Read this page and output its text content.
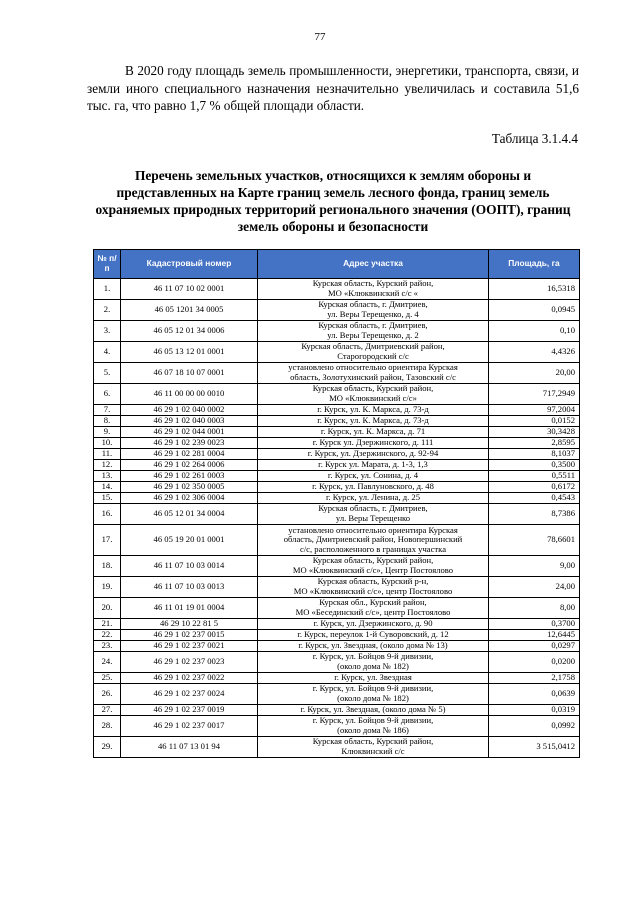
77

В 2020 году площадь земель промышленности, энергетики, транспорта, связи, и земли иного специального назначения незначительно увеличилась и составила 51,6 тыс. га, что равно 1,7 % общей площади области.

Таблица 3.1.4.4
Перечень земельных участков, относящихся к землям обороны и представленных на Карте границ земель лесного фонда, границ земель охраняемых природных территорий регионального значения (ООПТ), границ земель обороны и безопасности
№ п/п	Кадастровый номер	Адрес участка	Площадь, га
1.	46 11 07 10 02 0001	Курская область, Курский район,
МО «Клюквинский с/с «	16,5318
2.	46 05 1201 34 0005	Курская область, г. Дмитриев,
ул. Веры Терещенко, д. 4	0,0945
3.	46 05 12 01 34 0006	Курская область, г. Дмитриев,
ул. Веры Терещенко, д. 2	0,10
4.	46 05 13 12 01 0001	Курская область, Дмитриевский район,
Старогородский с/с	4,4326
5.	46 07 18 10 07 0001	установлено относительно ориентира Курская
область, Золотухинский район, Тазовский с/с	20,00
6.	46 11 00 00 00 0010	Курская область, Курский район,
МО «Клюквинский с/с»	717,2949
7.	46 29 1 02 040 0002	г. Курск, ул. К. Маркса, д. 73-д	97,2004
8.	46 29 1 02 040 0003	г. Курск, ул. К. Маркса, д. 73-д	0,0152
9.	46 29 1 02 044 0001	г. Курск, ул. К. Маркса, д. 71	30,3428
10.	46 29 1 02 239 0023	г. Курск ул. Дзержинского, д. 111	2,8595
11.	46 29 1 02 281 0004	г. Курск, ул. Дзержинского, д. 92-94	8,1037
12.	46 29 1 02 264 0006	г. Курск ул. Марата, д. 1-3, 1,3	0,3500
13.	46 29 1 02 261 0003	г. Курск, ул. Сонина, д. 4	0,5511
14.	46 29 1 02 350 0005	г. Курск, ул. Павлуновского, д. 48	0,6172
15.	46 29 1 02 306 0004	г. Курск, ул. Ленина, д. 25	0,4543
16.	46 05 12 01 34 0004	Курская область, г. Дмитриев,
ул. Веры Терещенко	8,7386
17.	46 05 19 20 01 0001	установлено относительно ориентира Курская
область, Дмитриевский район, Новопершинский
с/с, расположенного в границах участка	78,6601
18.	46 11 07 10 03 0014	Курская область, Курский район,
МО «Клюквинский с/с», Центр Постоялово	9,00
19.	46 11 07 10 03 0013	Курская область, Курский р-н,
МО «Клюквинский с/с», центр Постоялово	24,00
20.	46 11 01 19 01 0004	Курская обл., Курский район,
МО «Бесединский с/с», центр Постоялово	8,00
21.	46 29 10 22 81 5	г. Курск, ул. Дзержинского, д. 90	0,3700
22.	46 29 1 02 237 0015	г. Курск, переулок 1-й Суворовский, д. 12	12,6445
23.	46 29 1 02 237 0021	г. Курск, ул. Звездная, (около дома № 13)	0,0297
24.	46 29 1 02 237 0023	г. Курск, ул. Бойцов 9-й дивизии,
(около дома № 182)	0,0200
25.	46 29 1 02 237 0022	г. Курск, ул. Звездная	2,1758
26.	46 29 1 02 237 0024	г. Курск, ул. Бойцов 9-й дивизии,
(около дома № 182)	0,0639
27.	46 29 1 02 237 0019	г. Курск, ул. Звездная, (около дома № 5)	0,0319
28.	46 29 1 02 237 0017	г. Курск, ул. Бойцов 9-й дивизии,
(около дома № 186)	0,0992
29.	46 11 07 13 01 94	Курская область, Курский район,
Клюквинский с/с	3 515,0412
